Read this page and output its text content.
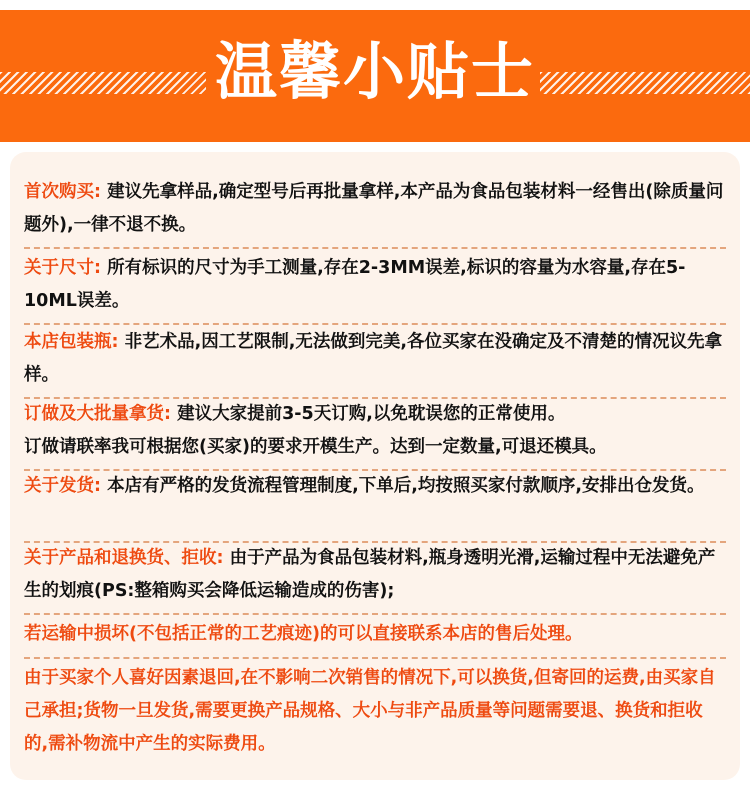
温馨小贴士
首次购买: 建议先拿样品,确定型号后再批量拿样,本产品为食品包装材料一经售出(除质量问题外),一律不退不换。
关于尺寸: 所有标识的尺寸为手工测量,存在2-3MM误差,标识的容量为水容量,存在5-10ML误差。
本店包装瓶: 非艺术品,因工艺限制,无法做到完美,各位买家在没确定及不清楚的情况议先拿样。
订做及大批量拿货: 建议大家提前3-5天订购,以免耽误您的正常使用。
订做请联率我可根据您(买家)的要求开模生产。达到一定数量,可退还模具。
关于发货: 本店有严格的发货流程管理制度,下单后,均按照买家付款顺序,安排出仓发货。
关于产品和退换货、拒收: 由于产品为食品包装材料,瓶身透明光滑,运输过程中无法避免产生的划痕(PS:整箱购买会降低运输造成的伤害);
若运输中损坏(不包括正常的工艺痕迹)的可以直接联系本店的售后处理。
由于买家个人喜好因素退回,在不影响二次销售的情况下,可以换货,但寄回的运费,由买家自己承担;货物一旦发货,需要更换产品规格、大小与非产品质量等问题需要退、换货和拒收的,需补物流中产生的实际费用。
